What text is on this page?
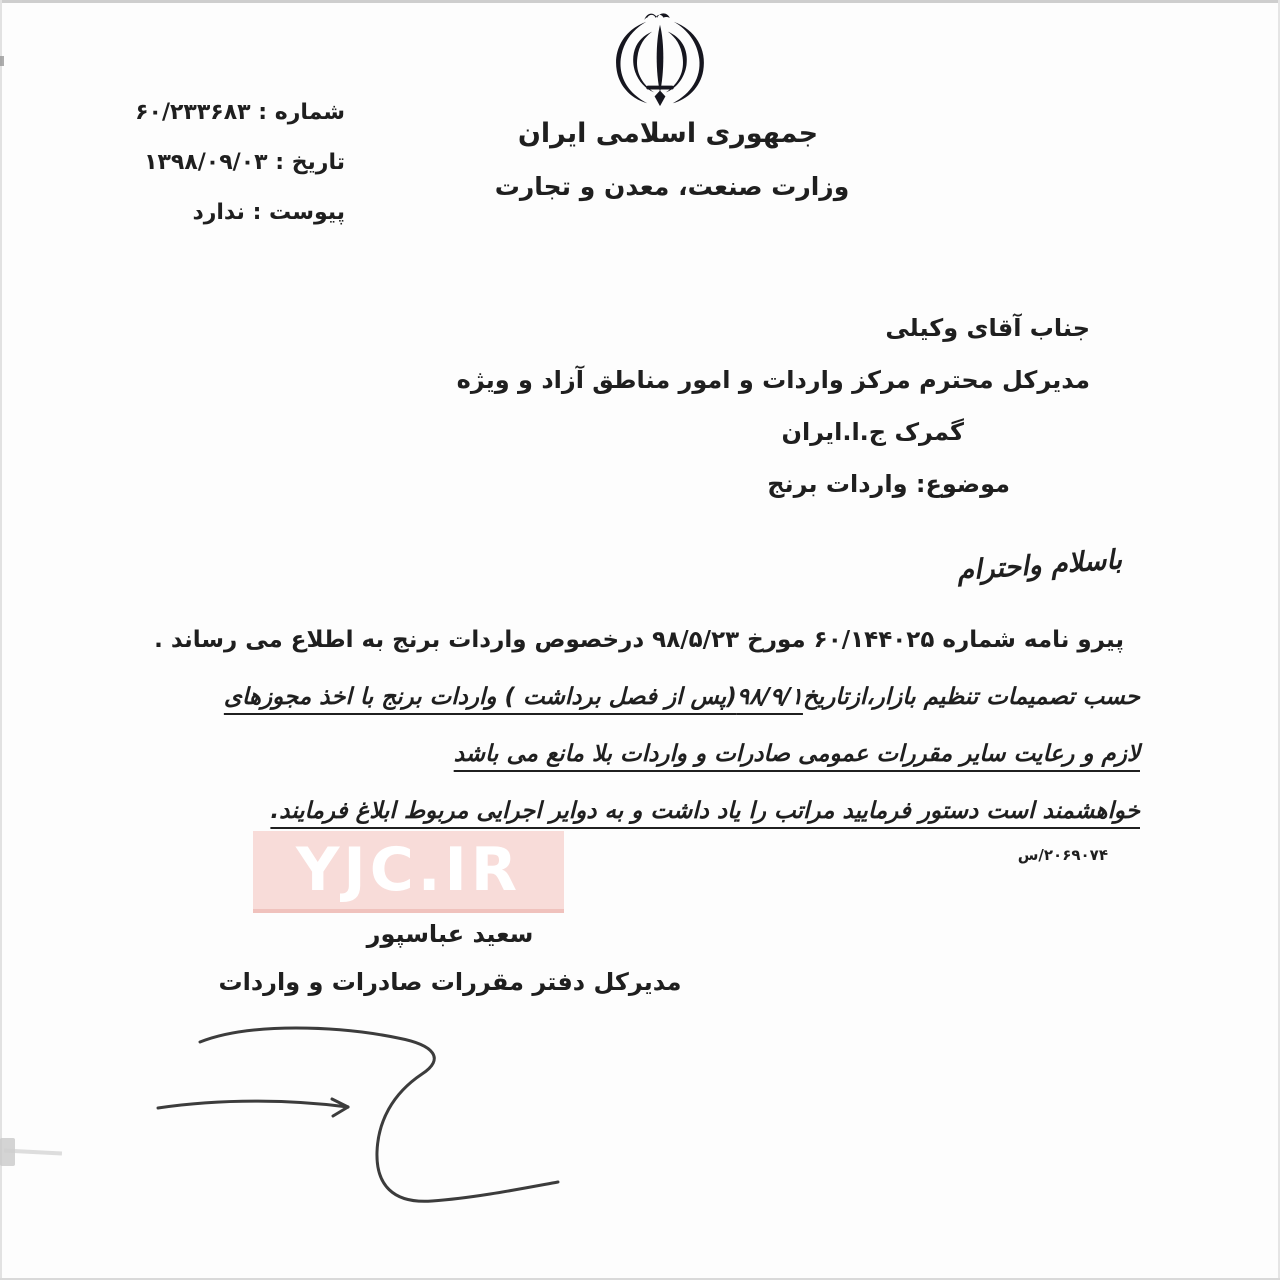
شماره : ۶۰/۲۳۳۶۸۳
تاریخ : ۱۳۹۸/۰۹/۰۳
پیوست : ندارد
جمهوری اسلامی ایران
وزارت صنعت، معدن و تجارت
جناب آقای وکیلی
مدیرکل محترم مرکز واردات و امور مناطق آزاد و ویژه
گمرک ج.ا.ایران
موضوع: واردات برنج
باسلام واحترام
پیرو نامه شماره ۶۰/۱۴۴۰۲۵ مورخ ۹۸/۵/۲۳ درخصوص واردات برنج به اطلاع می رساند .
حسب تصمیمات تنظیم بازار،ازتاریخ۹۸/۹/۱(پس از فصل برداشت ) واردات برنج با اخذ مجوزهای
لازم و رعایت سایر مقررات عمومی صادرات و واردات بلا مانع می باشد
خواهشمند است دستور فرمایید مراتب را یاد داشت و به دوایر اجرایی مربوط ابلاغ فرمایند.
۲۰۶۹۰۷۴/س
YJC.IR
سعید عباسپور
مدیرکل دفتر مقررات صادرات و واردات
